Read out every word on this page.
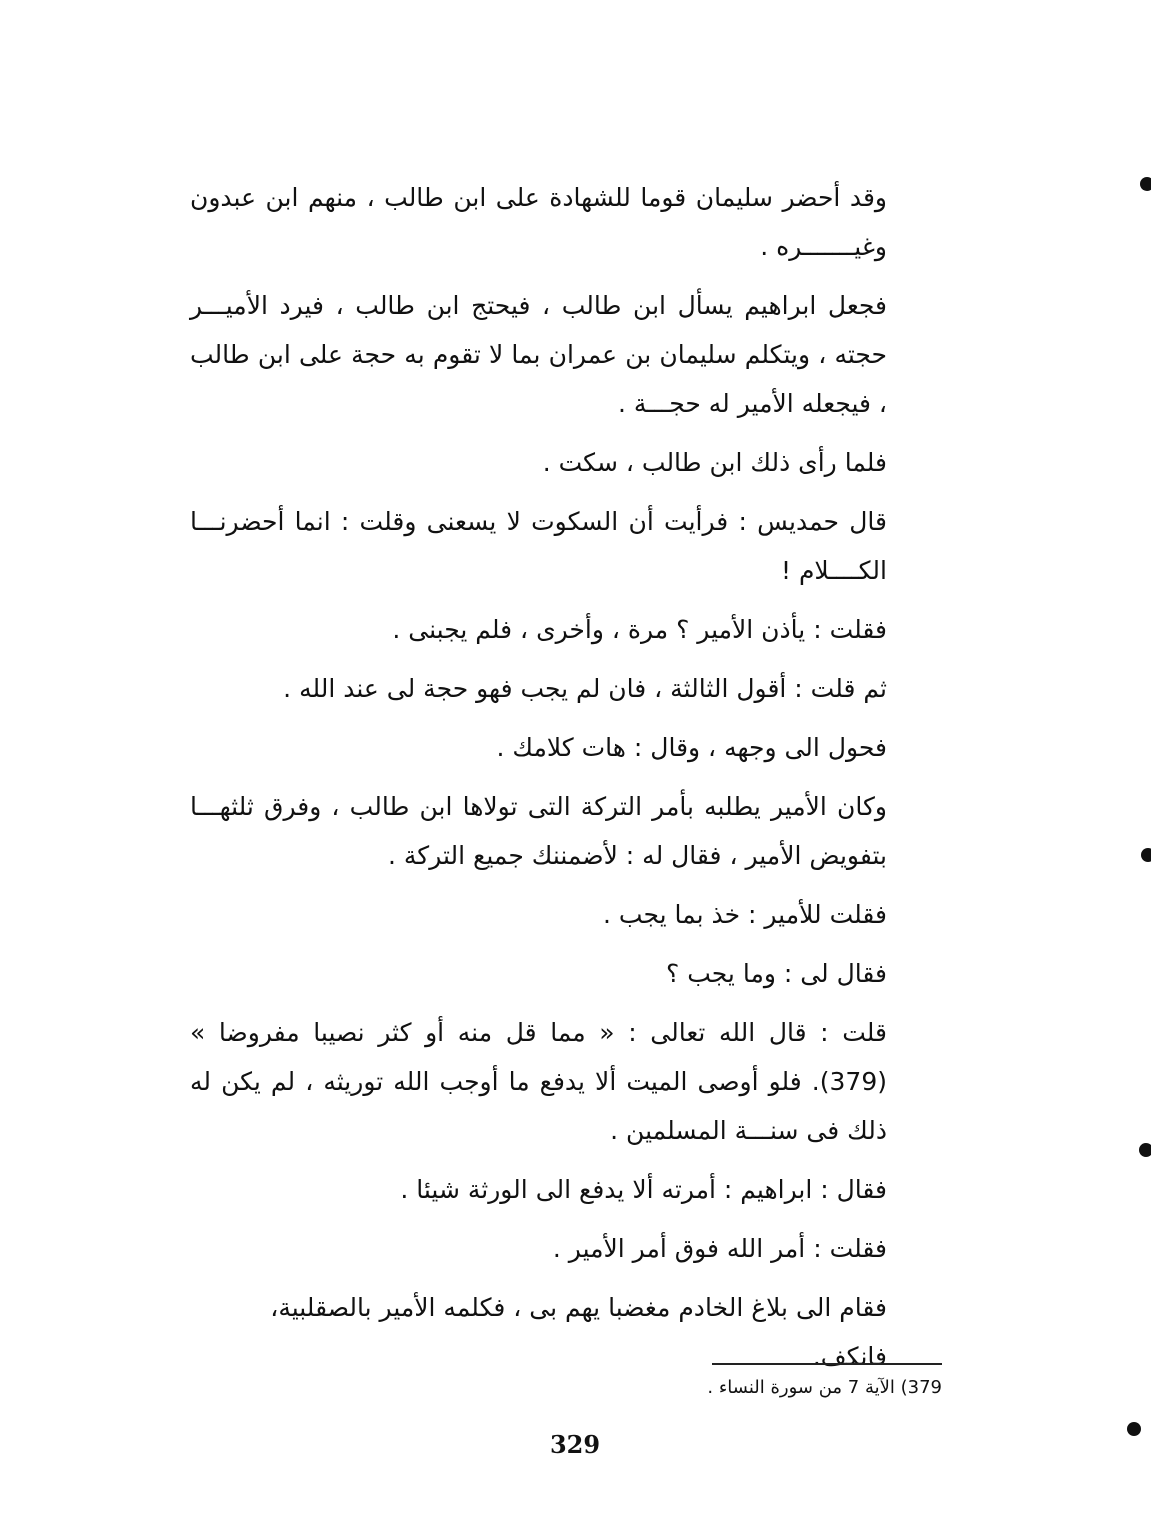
وقد أحضر سليمان قوما للشهادة على ابن طالب ، منهم ابن عبدون وغيـــــــره .

فجعل ابراهيم يسأل ابن طالب ، فيحتج ابن طالب ، فيرد الأميـــر حجته ، ويتكلم سليمان بن عمران بما لا تقوم به حجة على ابن طالب ، فيجعله الأمير له حجـــة .

فلما رأى ذلك ابن طالب ، سكت .

قال حمديس : فرأيت أن السكوت لا يسعنى وقلت : انما أحضرنـــا الكــــلام !

فقلت : يأذن الأمير ؟ مرة ، وأخرى ، فلم يجبنى .

ثم قلت : أقول الثالثة ، فان لم يجب فهو حجة لى عند الله .

فحول الى وجهه ، وقال : هات كلامك .

وكان الأمير يطلبه بأمر التركة التى تولاها ابن طالب ، وفرق ثلثهـــا بتفويض الأمير ، فقال له : لأضمننك جميع التركة .

فقلت للأمير : خذ بما يجب .

فقال لى : وما يجب ؟

قلت : قال الله تعالى : « مما قل منه أو كثر نصيبا مفروضا » (379). فلو أوصى الميت ألا يدفع ما أوجب الله توريثه ، لم يكن له ذلك فى سنـــة المسلمين .

فقال : ابراهيم : أمرته ألا يدفع الى الورثة شيئا .

فقلت : أمر الله فوق أمر الأمير .

فقام الى بلاغ الخادم مغضبا يهم بى ، فكلمه الأمير بالصقلبية، فانكف.

379) الآية 7 من سورة النساء .
329
